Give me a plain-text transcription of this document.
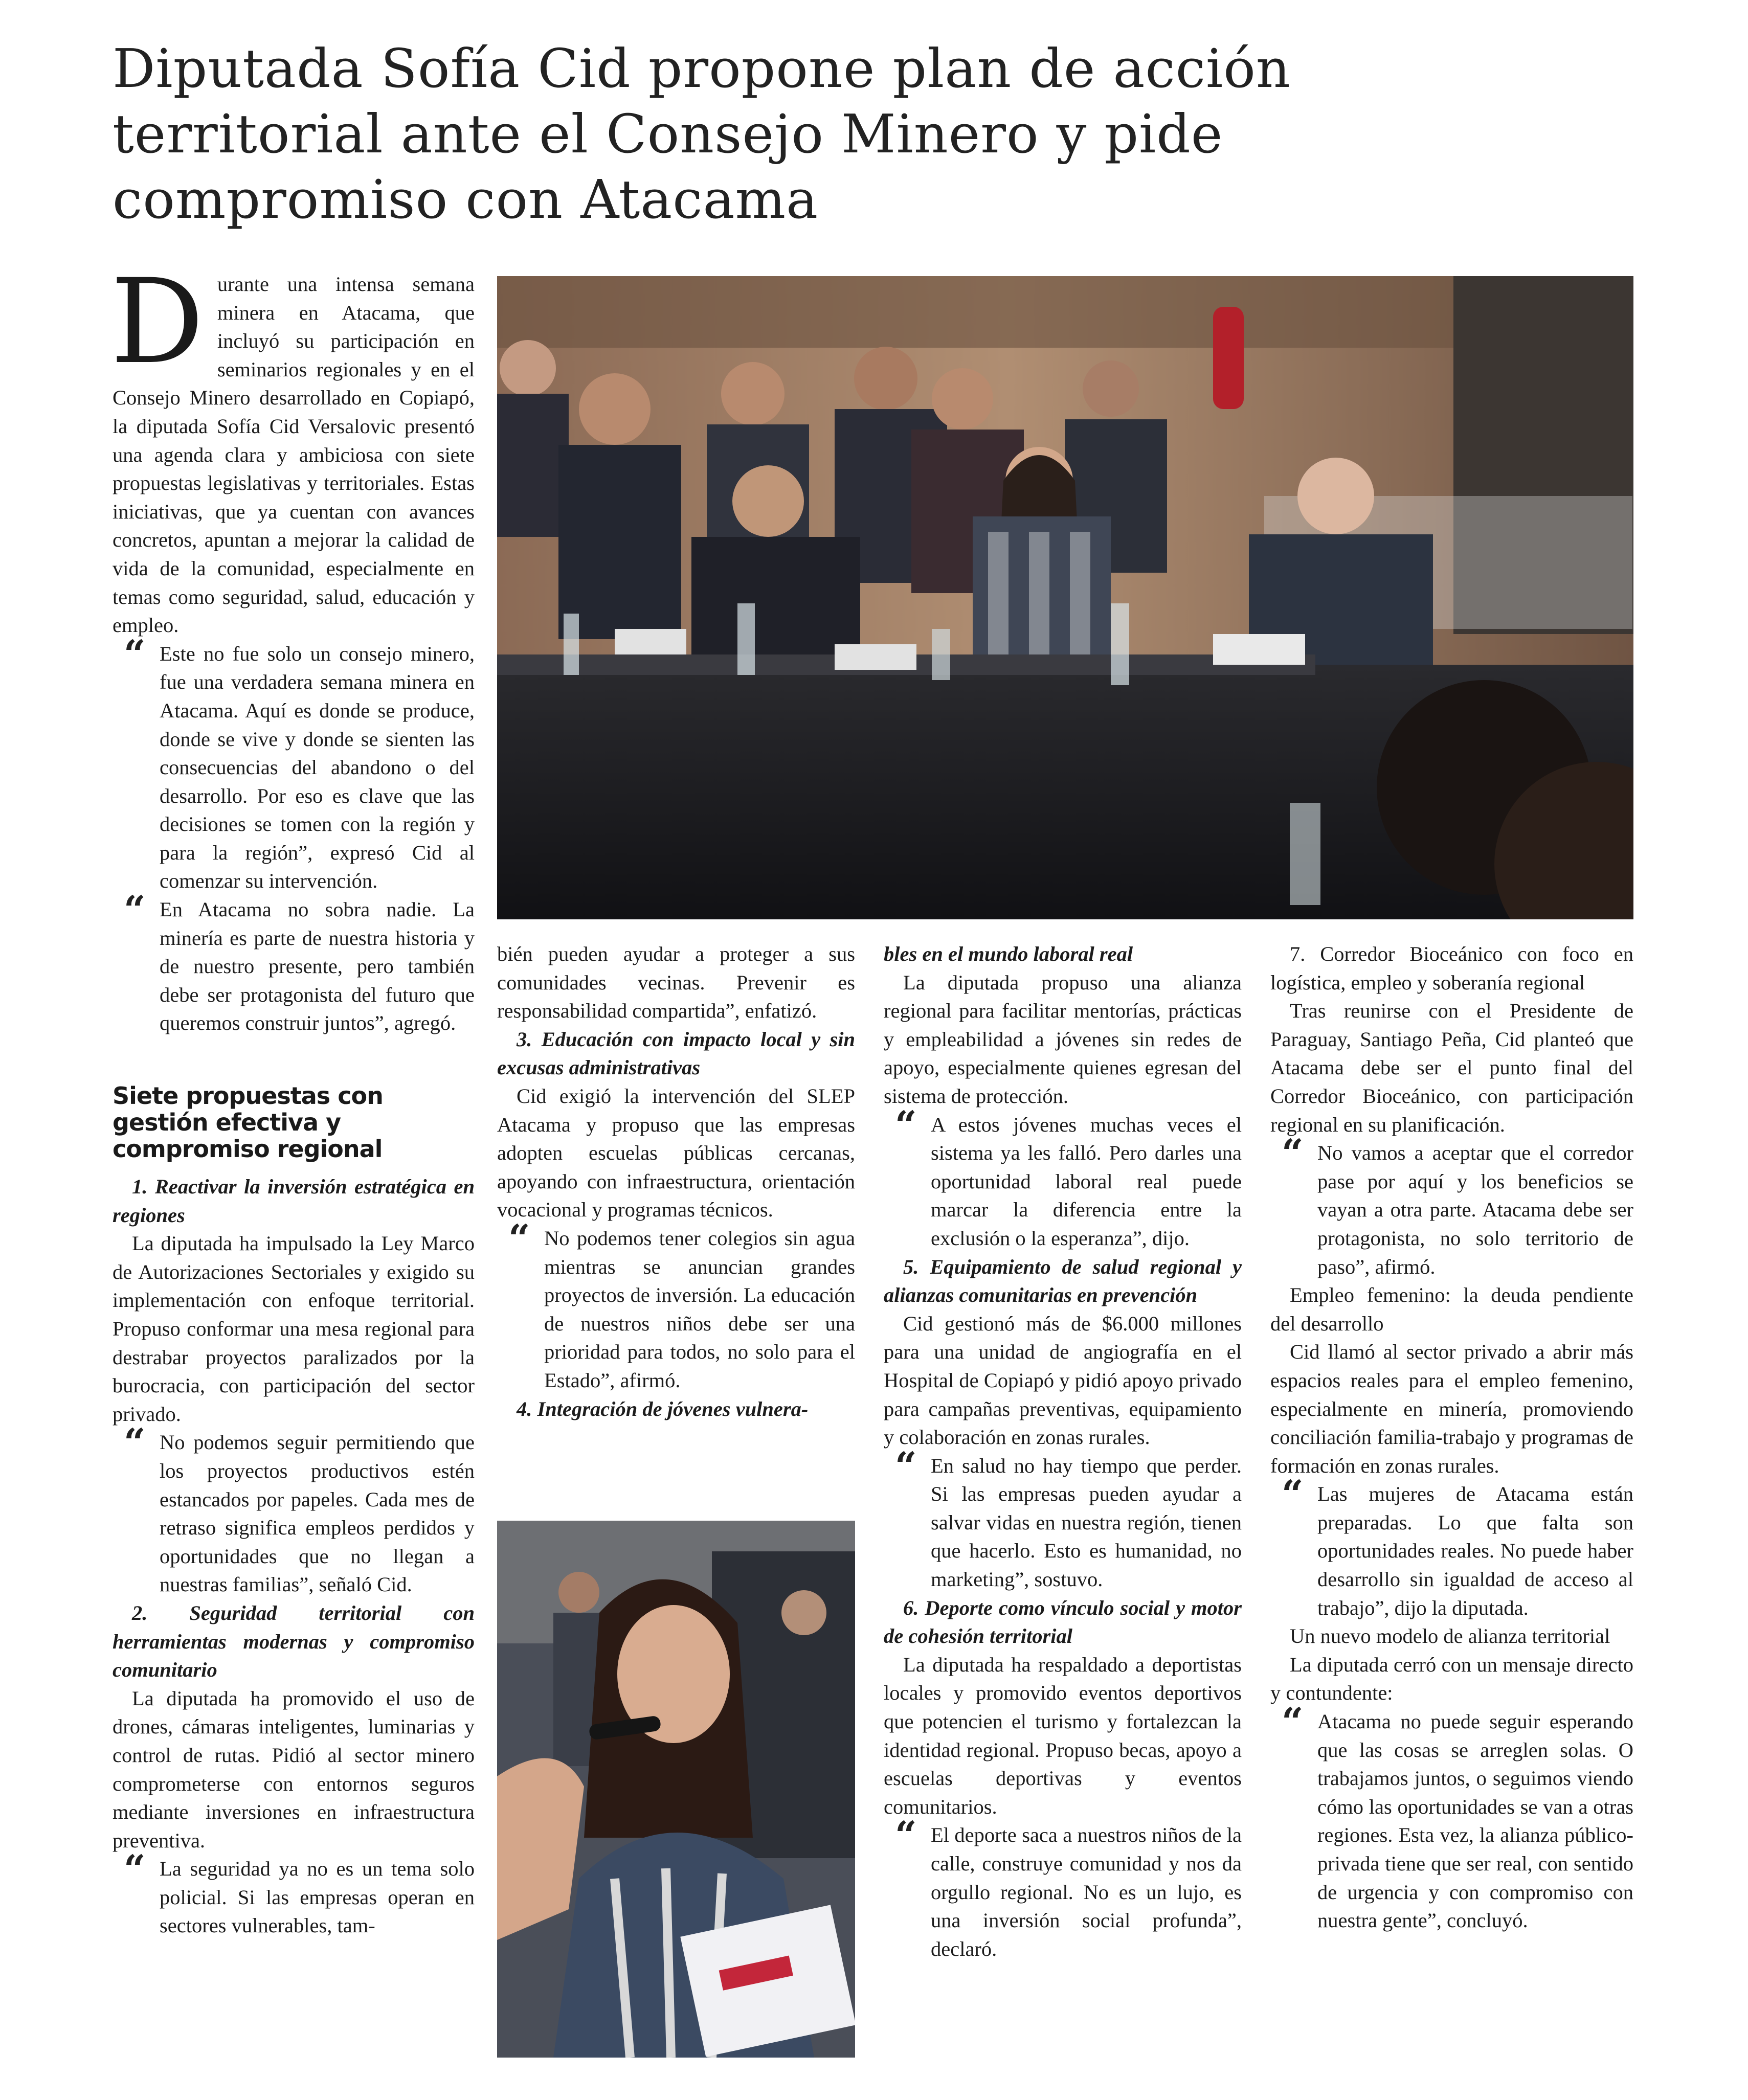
Diputada Sofía Cid propone plan de acción
territorial ante el Consejo Minero y pide
compromiso con Atacama

Durante una intensa semana minera en Atacama, que incluyó su participación en seminarios regionales y en el Consejo Minero desarrollado en Copiapó, la diputada Sofía Cid Versalovic presentó una agenda clara y ambiciosa con siete propuestas legislativas y territoriales. Estas iniciativas, que ya cuentan con avances concretos, apuntan a mejorar la calidad de vida de la comunidad, especialmente en temas como seguridad, salud, educación y empleo.

“ Este no fue solo un consejo minero, fue una verdadera semana minera en Atacama. Aquí es donde se produce, donde se vive y donde se sienten las consecuencias del abandono o del desarrollo. Por eso es clave que las decisiones se tomen con la región y para la región”, expresó Cid al comenzar su intervención.

“ En Atacama no sobra nadie. La minería es parte de nuestra historia y de nuestro presente, pero también debe ser protagonista del futuro que queremos construir juntos”, agregó.

Siete propuestas con gestión efectiva y compromiso regional

1. Reactivar la inversión estratégica en regiones

La diputada ha impulsado la Ley Marco de Autorizaciones Sectoriales y exigido su implementación con enfoque territorial. Propuso conformar una mesa regional para destrabar proyectos paralizados por la burocracia, con participación del sector privado.

“ No podemos seguir permitiendo que los proyectos productivos estén estancados por papeles. Cada mes de retraso significa empleos perdidos y oportunidades que no llegan a nuestras familias”, señaló Cid.

2. Seguridad territorial con herramientas modernas y compromiso comunitario

La diputada ha promovido el uso de drones, cámaras inteligentes, luminarias y control de rutas. Pidió al sector minero comprometerse con entornos seguros mediante inversiones en infraestructura preventiva.

“ La seguridad ya no es un tema solo policial. Si las empresas operan en sectores vulnerables, tam-

bién pueden ayudar a proteger a sus comunidades vecinas. Prevenir es responsabilidad compartida”, enfatizó.

3. Educación con impacto local y sin excusas administrativas

Cid exigió la intervención del SLEP Atacama y propuso que las empresas adopten escuelas públicas cercanas, apoyando con infraestructura, orientación vocacional y programas técnicos.

“ No podemos tener colegios sin agua mientras se anuncian grandes proyectos de inversión. La educación de nuestros niños debe ser una prioridad para todos, no solo para el Estado”, afirmó.

4. Integración de jóvenes vulnera-

bles en el mundo laboral real

La diputada propuso una alianza regional para facilitar mentorías, prácticas y empleabilidad a jóvenes sin redes de apoyo, especialmente quienes egresan del sistema de protección.

“ A estos jóvenes muchas veces el sistema ya les falló. Pero darles una oportunidad laboral real puede marcar la diferencia entre la exclusión o la esperanza”, dijo.

5. Equipamiento de salud regional y alianzas comunitarias en prevención

Cid gestionó más de $6.000 millones para una unidad de angiografía en el Hospital de Copiapó y pidió apoyo privado para campañas preventivas, equipamiento y colaboración en zonas rurales.

“ En salud no hay tiempo que perder. Si las empresas pueden ayudar a salvar vidas en nuestra región, tienen que hacerlo. Esto es humanidad, no marketing”, sostuvo.

6. Deporte como vínculo social y motor de cohesión territorial

La diputada ha respaldado a deportistas locales y promovido eventos deportivos que potencien el turismo y fortalezcan la identidad regional. Propuso becas, apoyo a escuelas deportivas y eventos comunitarios.

“ El deporte saca a nuestros niños de la calle, construye comunidad y nos da orgullo regional. No es un lujo, es una inversión social profunda”, declaró.

7. Corredor Bioceánico con foco en logística, empleo y soberanía regional

Tras reunirse con el Presidente de Paraguay, Santiago Peña, Cid planteó que Atacama debe ser el punto final del Corredor Bioceánico, con participación regional en su planificación.

“ No vamos a aceptar que el corredor pase por aquí y los beneficios se vayan a otra parte. Atacama debe ser protagonista, no solo territorio de paso”, afirmó.

Empleo femenino: la deuda pendiente del desarrollo

Cid llamó al sector privado a abrir más espacios reales para el empleo femenino, especialmente en minería, promoviendo conciliación familia-trabajo y programas de formación en zonas rurales.

“ Las mujeres de Atacama están preparadas. Lo que falta son oportunidades reales. No puede haber desarrollo sin igualdad de acceso al trabajo”, dijo la diputada.

Un nuevo modelo de alianza territorial

La diputada cerró con un mensaje directo y contundente:

“ Atacama no puede seguir esperando que las cosas se arreglen solas. O trabajamos juntos, o seguimos viendo cómo las oportunidades se van a otras regiones. Esta vez, la alianza público-privada tiene que ser real, con sentido de urgencia y con compromiso con nuestra gente”, concluyó.
